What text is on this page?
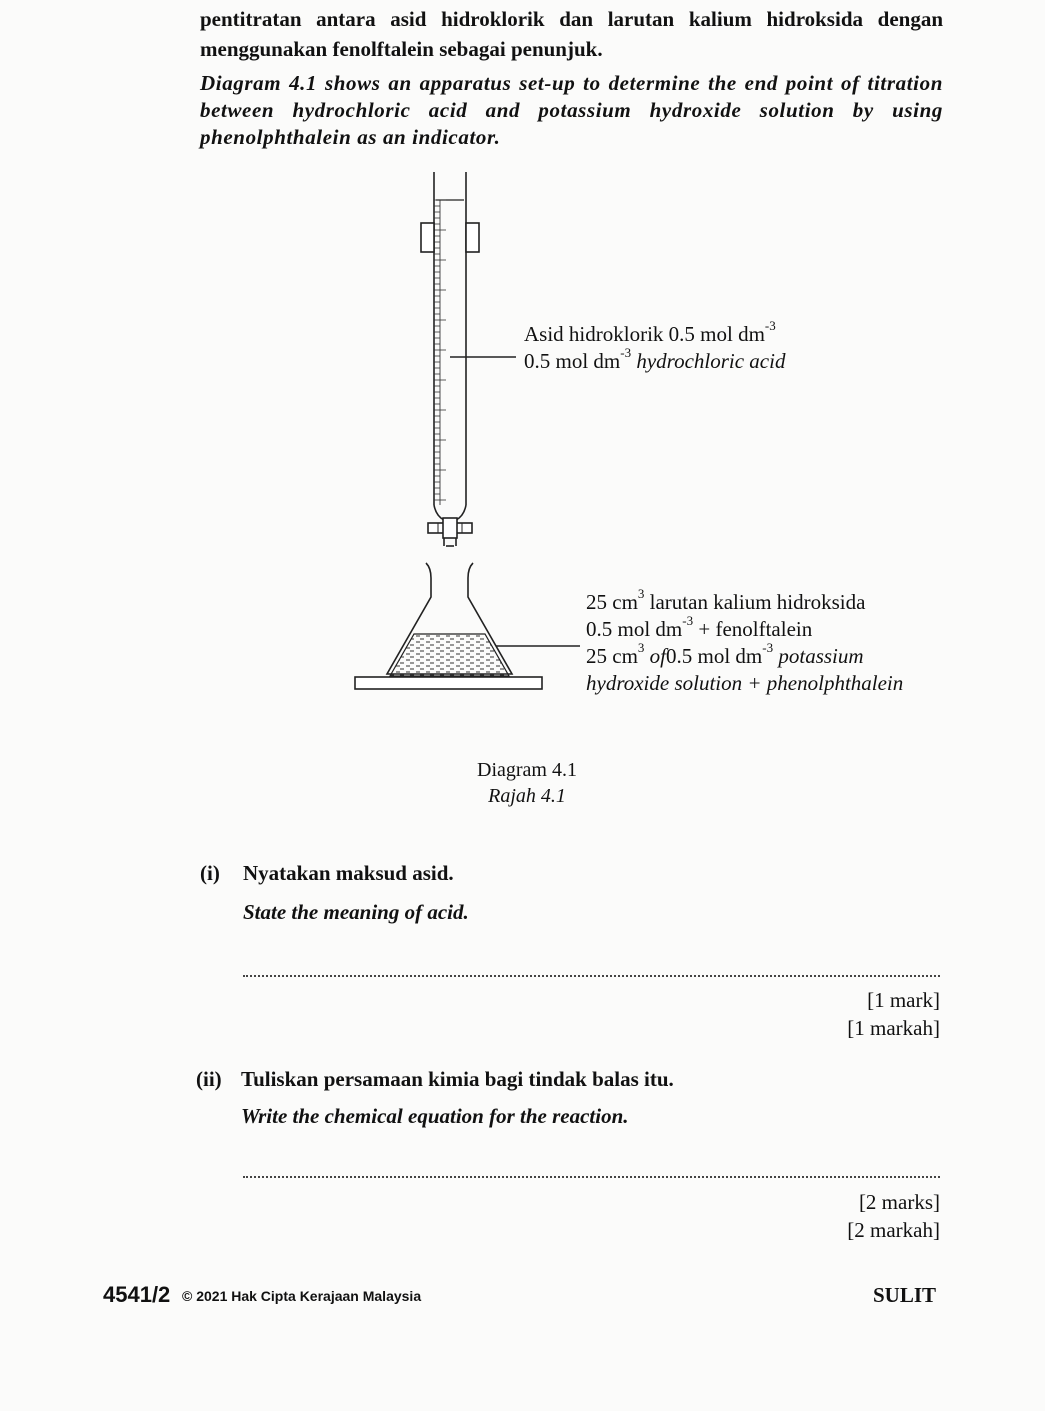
pentitratan antara asid hidroklorik dan larutan kalium hidroksida dengan menggunakan fenolftalein sebagai penunjuk.
Diagram 4.1 shows an apparatus set-up to determine the end point of titration between hydrochloric acid and potassium hydroxide solution by using phenolphthalein as an indicator.
Asid hidroklorik 0.5 mol $dm^{-3}$
0.5 mol $dm^{-3}$ hydrochloric acid
25 $cm^3$ larutan kalium hidroksida
0.5 mol $dm^{-3}$ + fenolftalein
25 $cm^3$ of0.5 mol $dm^{-3}$ potassium
hydroxide solution + phenolphthalein
Diagram 4.1
Rajah 4.1
(i) Nyatakan maksud asid.
State the meaning of acid.
[1 mark]
[1 markah]
(ii) Tuliskan persamaan kimia bagi tindak balas itu.
Write the chemical equation for the reaction.
[2 marks]
[2 markah]
4541/2 © 2021 Hak Cipta Kerajaan Malaysia	SULIT
